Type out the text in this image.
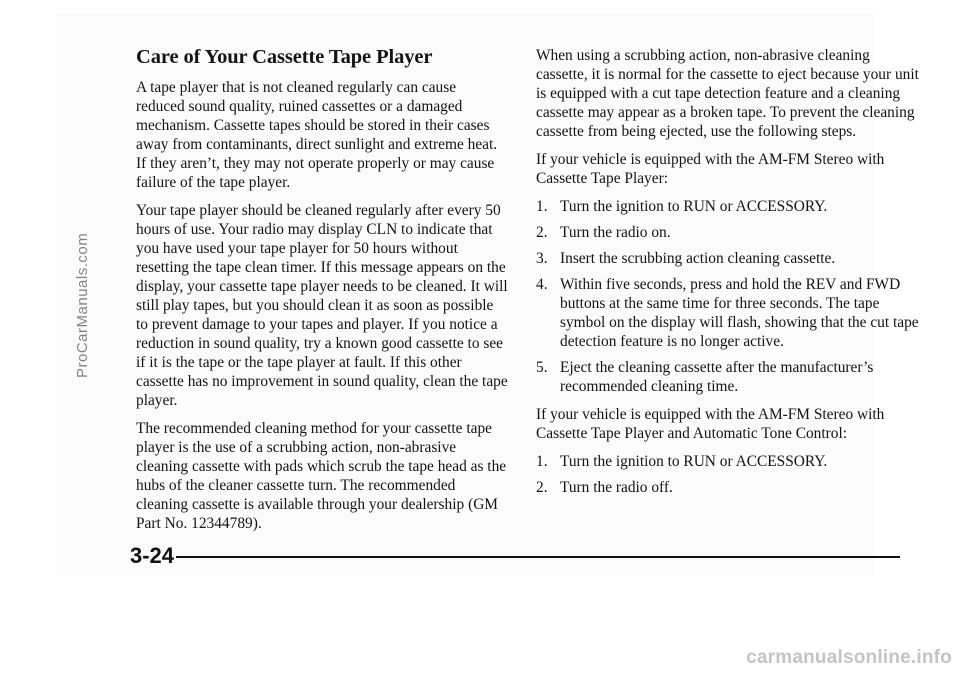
Care of Your Cassette Tape Player

A tape player that is not cleaned regularly can cause reduced sound quality, ruined cassettes or a damaged mechanism. Cassette tapes should be stored in their cases away from contaminants, direct sunlight and extreme heat. If they aren’t, they may not operate properly or may cause failure of the tape player.

Your tape player should be cleaned regularly after every 50 hours of use. Your radio may display CLN to indicate that you have used your tape player for 50 hours without resetting the tape clean timer. If this message appears on the display, your cassette tape player needs to be cleaned. It will still play tapes, but you should clean it as soon as possible to prevent damage to your tapes and player. If you notice a reduction in sound quality, try a known good cassette to see if it is the tape or the tape player at fault. If this other cassette has no improvement in sound quality, clean the tape player.

The recommended cleaning method for your cassette tape player is the use of a scrubbing action, non-abrasive cleaning cassette with pads which scrub the tape head as the hubs of the cleaner cassette turn. The recommended cleaning cassette is available through your dealership (GM Part No. 12344789).

When using a scrubbing action, non-abrasive cleaning cassette, it is normal for the cassette to eject because your unit is equipped with a cut tape detection feature and a cleaning cassette may appear as a broken tape. To prevent the cleaning cassette from being ejected, use the following steps.

If your vehicle is equipped with the AM-FM Stereo with Cassette Tape Player:

1. Turn the ignition to RUN or ACCESSORY.
2. Turn the radio on.
3. Insert the scrubbing action cleaning cassette.
4. Within five seconds, press and hold the REV and FWD buttons at the same time for three seconds. The tape symbol on the display will flash, showing that the cut tape detection feature is no longer active.
5. Eject the cleaning cassette after the manufacturer’s recommended cleaning time.

If your vehicle is equipped with the AM-FM Stereo with Cassette Tape Player and Automatic Tone Control:

1. Turn the ignition to RUN or ACCESSORY.
2. Turn the radio off.
3-24
ProCarManuals.com
carmanualsonline.info
